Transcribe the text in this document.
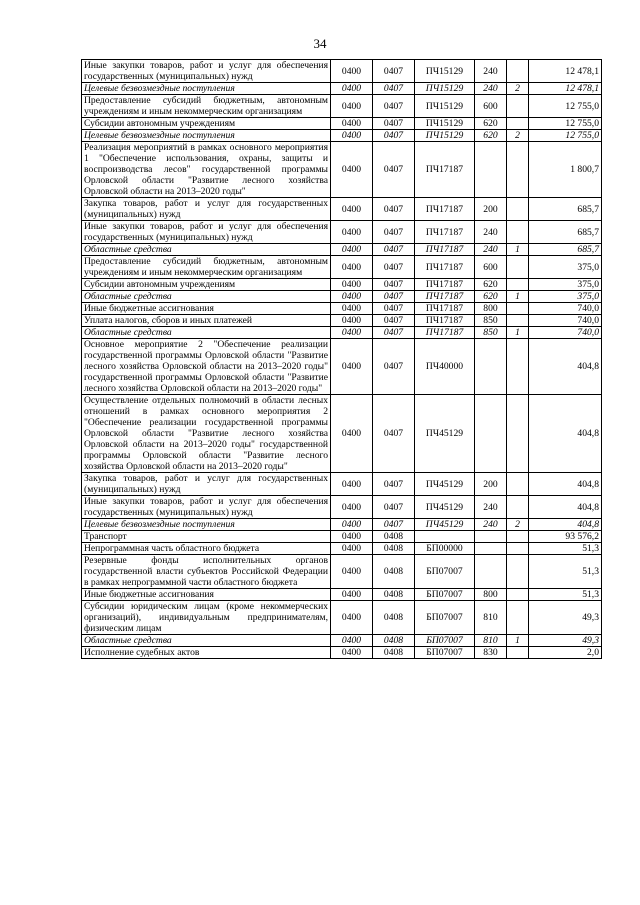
34
Иные закупки товаров, работ и услуг для обеспечения государственных (муниципальных) нужд	0400	0407	ПЧ15129	240		12 478,1
Целевые безвозмездные поступления	0400	0407	ПЧ15129	240	2	12 478,1
Предоставление субсидий бюджетным, автономным учреждениям и иным некоммерческим организациям	0400	0407	ПЧ15129	600		12 755,0
Субсидии автономным учреждениям	0400	0407	ПЧ15129	620		12 755,0
Целевые безвозмездные поступления	0400	0407	ПЧ15129	620	2	12 755,0
Реализация мероприятий в рамках основного мероприятия 1 "Обеспечение использования, охраны, защиты и воспроизводства лесов" государственной программы Орловской области "Развитие лесного хозяйства Орловской области на 2013–2020 годы"	0400	0407	ПЧ17187			1 800,7
Закупка товаров, работ и услуг для государственных (муниципальных) нужд	0400	0407	ПЧ17187	200		685,7
Иные закупки товаров, работ и услуг для обеспечения государственных (муниципальных) нужд	0400	0407	ПЧ17187	240		685,7
Областные средства	0400	0407	ПЧ17187	240	1	685,7
Предоставление субсидий бюджетным, автономным учреждениям и иным некоммерческим организациям	0400	0407	ПЧ17187	600		375,0
Субсидии автономным учреждениям	0400	0407	ПЧ17187	620		375,0
Областные средства	0400	0407	ПЧ17187	620	1	375,0
Иные бюджетные ассигнования	0400	0407	ПЧ17187	800		740,0
Уплата налогов, сборов и иных платежей	0400	0407	ПЧ17187	850		740,0
Областные средства	0400	0407	ПЧ17187	850	1	740,0
Основное мероприятие 2 "Обеспечение реализации государственной программы Орловской области "Развитие лесного хозяйства Орловской области на 2013–2020 годы" государственной программы Орловской области "Развитие лесного хозяйства Орловской области на 2013–2020 годы"	0400	0407	ПЧ40000			404,8
Осуществление отдельных полномочий в области лесных отношений в рамках основного мероприятия 2 "Обеспечение реализации государственной программы Орловской области "Развитие лесного хозяйства Орловской области на 2013–2020 годы" государственной программы Орловской области "Развитие лесного хозяйства Орловской области на 2013–2020 годы"	0400	0407	ПЧ45129			404,8
Закупка товаров, работ и услуг для государственных (муниципальных) нужд	0400	0407	ПЧ45129	200		404,8
Иные закупки товаров, работ и услуг для обеспечения государственных (муниципальных) нужд	0400	0407	ПЧ45129	240		404,8
Целевые безвозмездные поступления	0400	0407	ПЧ45129	240	2	404,8
Транспорт	0400	0408				93 576,2
Непрограммная часть областного бюджета	0400	0408	БП00000			51,3
Резервные фонды исполнительных органов государственной власти субъектов Российской Федерации в рамках непрограммной части областного бюджета	0400	0408	БП07007			51,3
Иные бюджетные ассигнования	0400	0408	БП07007	800		51,3
Субсидии юридическим лицам (кроме некоммерческих организаций), индивидуальным предпринимателям, физическим лицам	0400	0408	БП07007	810		49,3
Областные средства	0400	0408	БП07007	810	1	49,3
Исполнение судебных актов	0400	0408	БП07007	830		2,0
